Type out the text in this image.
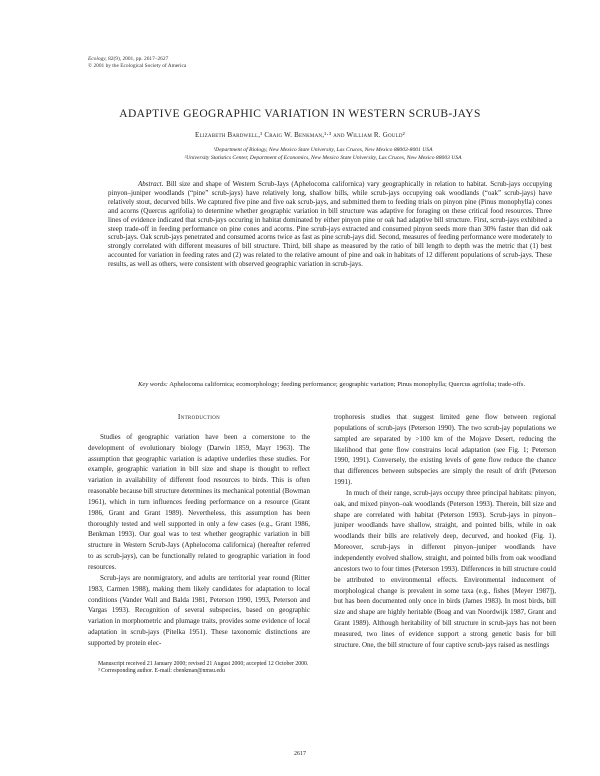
Ecology, 82(9), 2001, pp. 2617–2627
© 2001 by the Ecological Society of America
ADAPTIVE GEOGRAPHIC VARIATION IN WESTERN SCRUB-JAYS
Elizabeth Bardwell,¹ Craig W. Benkman,¹·³ and William R. Gould²
¹Department of Biology, New Mexico State University, Las Cruces, New Mexico 88003-8001 USA
²University Statistics Center, Department of Economics, New Mexico State University, Las Cruces, New Mexico 88003 USA

Abstract. Bill size and shape of Western Scrub-Jays (Aphelocoma californica) vary geographically in relation to habitat. Scrub-jays occupying pinyon–juniper woodlands (“pine” scrub-jays) have relatively long, shallow bills, while scrub-jays occupying oak woodlands (“oak” scrub-jays) have relatively stout, decurved bills. We captured five pine and five oak scrub-jays, and submitted them to feeding trials on pinyon pine (Pinus monophylla) cones and acorns (Quercus agrifolia) to determine whether geographic variation in bill structure was adaptive for foraging on these critical food resources. Three lines of evidence indicated that scrub-jays occuring in habitat dominated by either pinyon pine or oak had adaptive bill structure. First, scrub-jays exhibited a steep trade-off in feeding performance on pine cones and acorns. Pine scrub-jays extracted and consumed pinyon seeds more than 30% faster than did oak scrub-jays. Oak scrub-jays penetrated and consumed acorns twice as fast as pine scrub-jays did. Second, measures of feeding performance were moderately to strongly correlated with different measures of bill structure. Third, bill shape as measured by the ratio of bill length to depth was the metric that (1) best accounted for variation in feeding rates and (2) was related to the relative amount of pine and oak in habitats of 12 different populations of scrub-jays. These results, as well as others, were consistent with observed geographic variation in scrub-jays.

Key words: Aphelocoma californica; ecomorphology; feeding performance; geographic variation; Pinus monophylla; Quercus agrifolia; trade-offs.

Introduction

Studies of geographic variation have been a cornerstone to the development of evolutionary biology (Darwin 1859, Mayr 1963). The assumption that geographic variation is adaptive underlies these studies. For example, geographic variation in bill size and shape is thought to reflect variation in availability of different food resources to birds. This is often reasonable because bill structure determines its mechanical potential (Bowman 1961), which in turn influences feeding performance on a resource (Grant 1986, Grant and Grant 1989). Nevertheless, this assumption has been thoroughly tested and well supported in only a few cases (e.g., Grant 1986, Benkman 1993). Our goal was to test whether geographic variation in bill structure in Western Scrub-Jays (Aphelocoma californica) (hereafter referred to as scrub-jays), can be functionally related to geographic variation in food resources.

Scrub-jays are nonmigratory, and adults are territorial year round (Ritter 1983, Carmen 1988), making them likely candidates for adaptation to local conditions (Vander Wall and Balda 1981, Peterson 1990, 1993, Peterson and Vargas 1993). Recognition of several subspecies, based on geographic variation in morphometric and plumage traits, provides some evidence of local adaptation in scrub-jays (Pitelka 1951). These taxonomic distinctions are supported by protein elec-

Manuscript received 21 January 2000; revised 21 August 2000; accepted 12 October 2000.

³ Corresponding author. E-mail: cbenkman@nmsu.edu

trophoresis studies that suggest limited gene flow between regional populations of scrub-jays (Peterson 1990). The two scrub-jay populations we sampled are separated by >100 km of the Mojave Desert, reducing the likelihood that gene flow constrains local adaptation (see Fig. 1; Peterson 1990, 1991). Conversely, the existing levels of gene flow reduce the chance that differences between subspecies are simply the result of drift (Peterson 1991).

In much of their range, scrub-jays occupy three principal habitats: pinyon, oak, and mixed pinyon–oak woodlands (Peterson 1993). Therein, bill size and shape are correlated with habitat (Peterson 1993). Scrub-jays in pinyon–juniper woodlands have shallow, straight, and pointed bills, while in oak woodlands their bills are relatively deep, decurved, and hooked (Fig. 1). Moreover, scrub-jays in different pinyon–juniper woodlands have independently evolved shallow, straight, and pointed bills from oak woodland ancestors two to four times (Peterson 1993). Differences in bill structure could be attributed to environmental effects. Environmental inducement of morphological change is prevalent in some taxa (e.g., fishes [Meyer 1987]), but has been documented only once in birds (James 1983). In most birds, bill size and shape are highly heritable (Boag and van Noordwijk 1987, Grant and Grant 1989). Although heritability of bill structure in scrub-jays has not been measured, two lines of evidence support a strong genetic basis for bill structure. One, the bill structure of four captive scrub-jays raised as nestlings

2617
